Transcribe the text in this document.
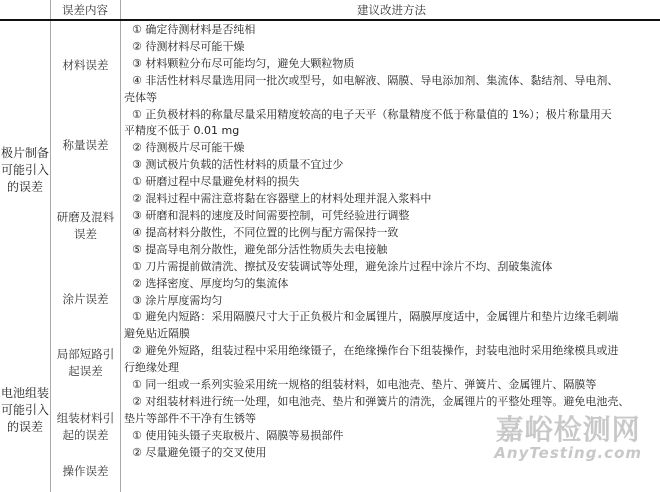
误差内容	建议改进方法
极片制备
可能引入
的误差
电池组装
可能引入
的误差
材料误差
称量误差
研磨及混料
误差
涂片误差
局部短路引
起误差
组装材料引
起的误差
操作误差
① 确定待测材料是否纯相
② 待测材料尽可能干燥
③ 材料颗粒分布尽可能均匀，避免大颗粒物质
④ 非活性材料尽量选用同一批次或型号，如电解液、隔膜、导电添加剂、集流体、黏结剂、导电剂、
壳体等
① 正负极材料的称量尽量采用精度较高的电子天平（称量精度不低于称量值的 1%）；极片称量用天
平精度不低于 0.01 mg
② 待测极片尽可能干燥
③ 测试极片负载的活性材料的质量不宜过少
① 研磨过程中尽量避免材料的损失
② 混料过程中需注意将黏在容器壁上的材料处理并混入浆料中
③ 研磨和混料的速度及时间需要控制，可凭经验进行调整
④ 提高材料分散性，不同位置的比例与配方需保持一致
⑤ 提高导电剂分散性，避免部分活性物质失去电接触
① 刀片需提前做清洗、擦拭及安装调试等处理，避免涂片过程中涂片不均、刮破集流体
② 选择密度、厚度均匀的集流体
③ 涂片厚度需均匀
① 避免内短路：采用隔膜尺寸大于正负极片和金属锂片，隔膜厚度适中，金属锂片和垫片边缘毛刺端
避免贴近隔膜
② 避免外短路，组装过程中采用绝缘镊子，在绝缘操作台下组装操作，封装电池时采用绝缘模具或进
行绝缘处理
① 同一组或一系列实验采用统一规格的组装材料，如电池壳、垫片、弹簧片、金属锂片、隔膜等
② 对组装材料进行统一处理，如电池壳、垫片和弹簧片的清洗，金属锂片的平整处理等。避免电池壳、
垫片等部件不干净有生锈等
① 使用钝头镊子夹取极片、隔膜等易损部件
② 尽量避免镊子的交叉使用
嘉峪检测网
AnyTesting.com
